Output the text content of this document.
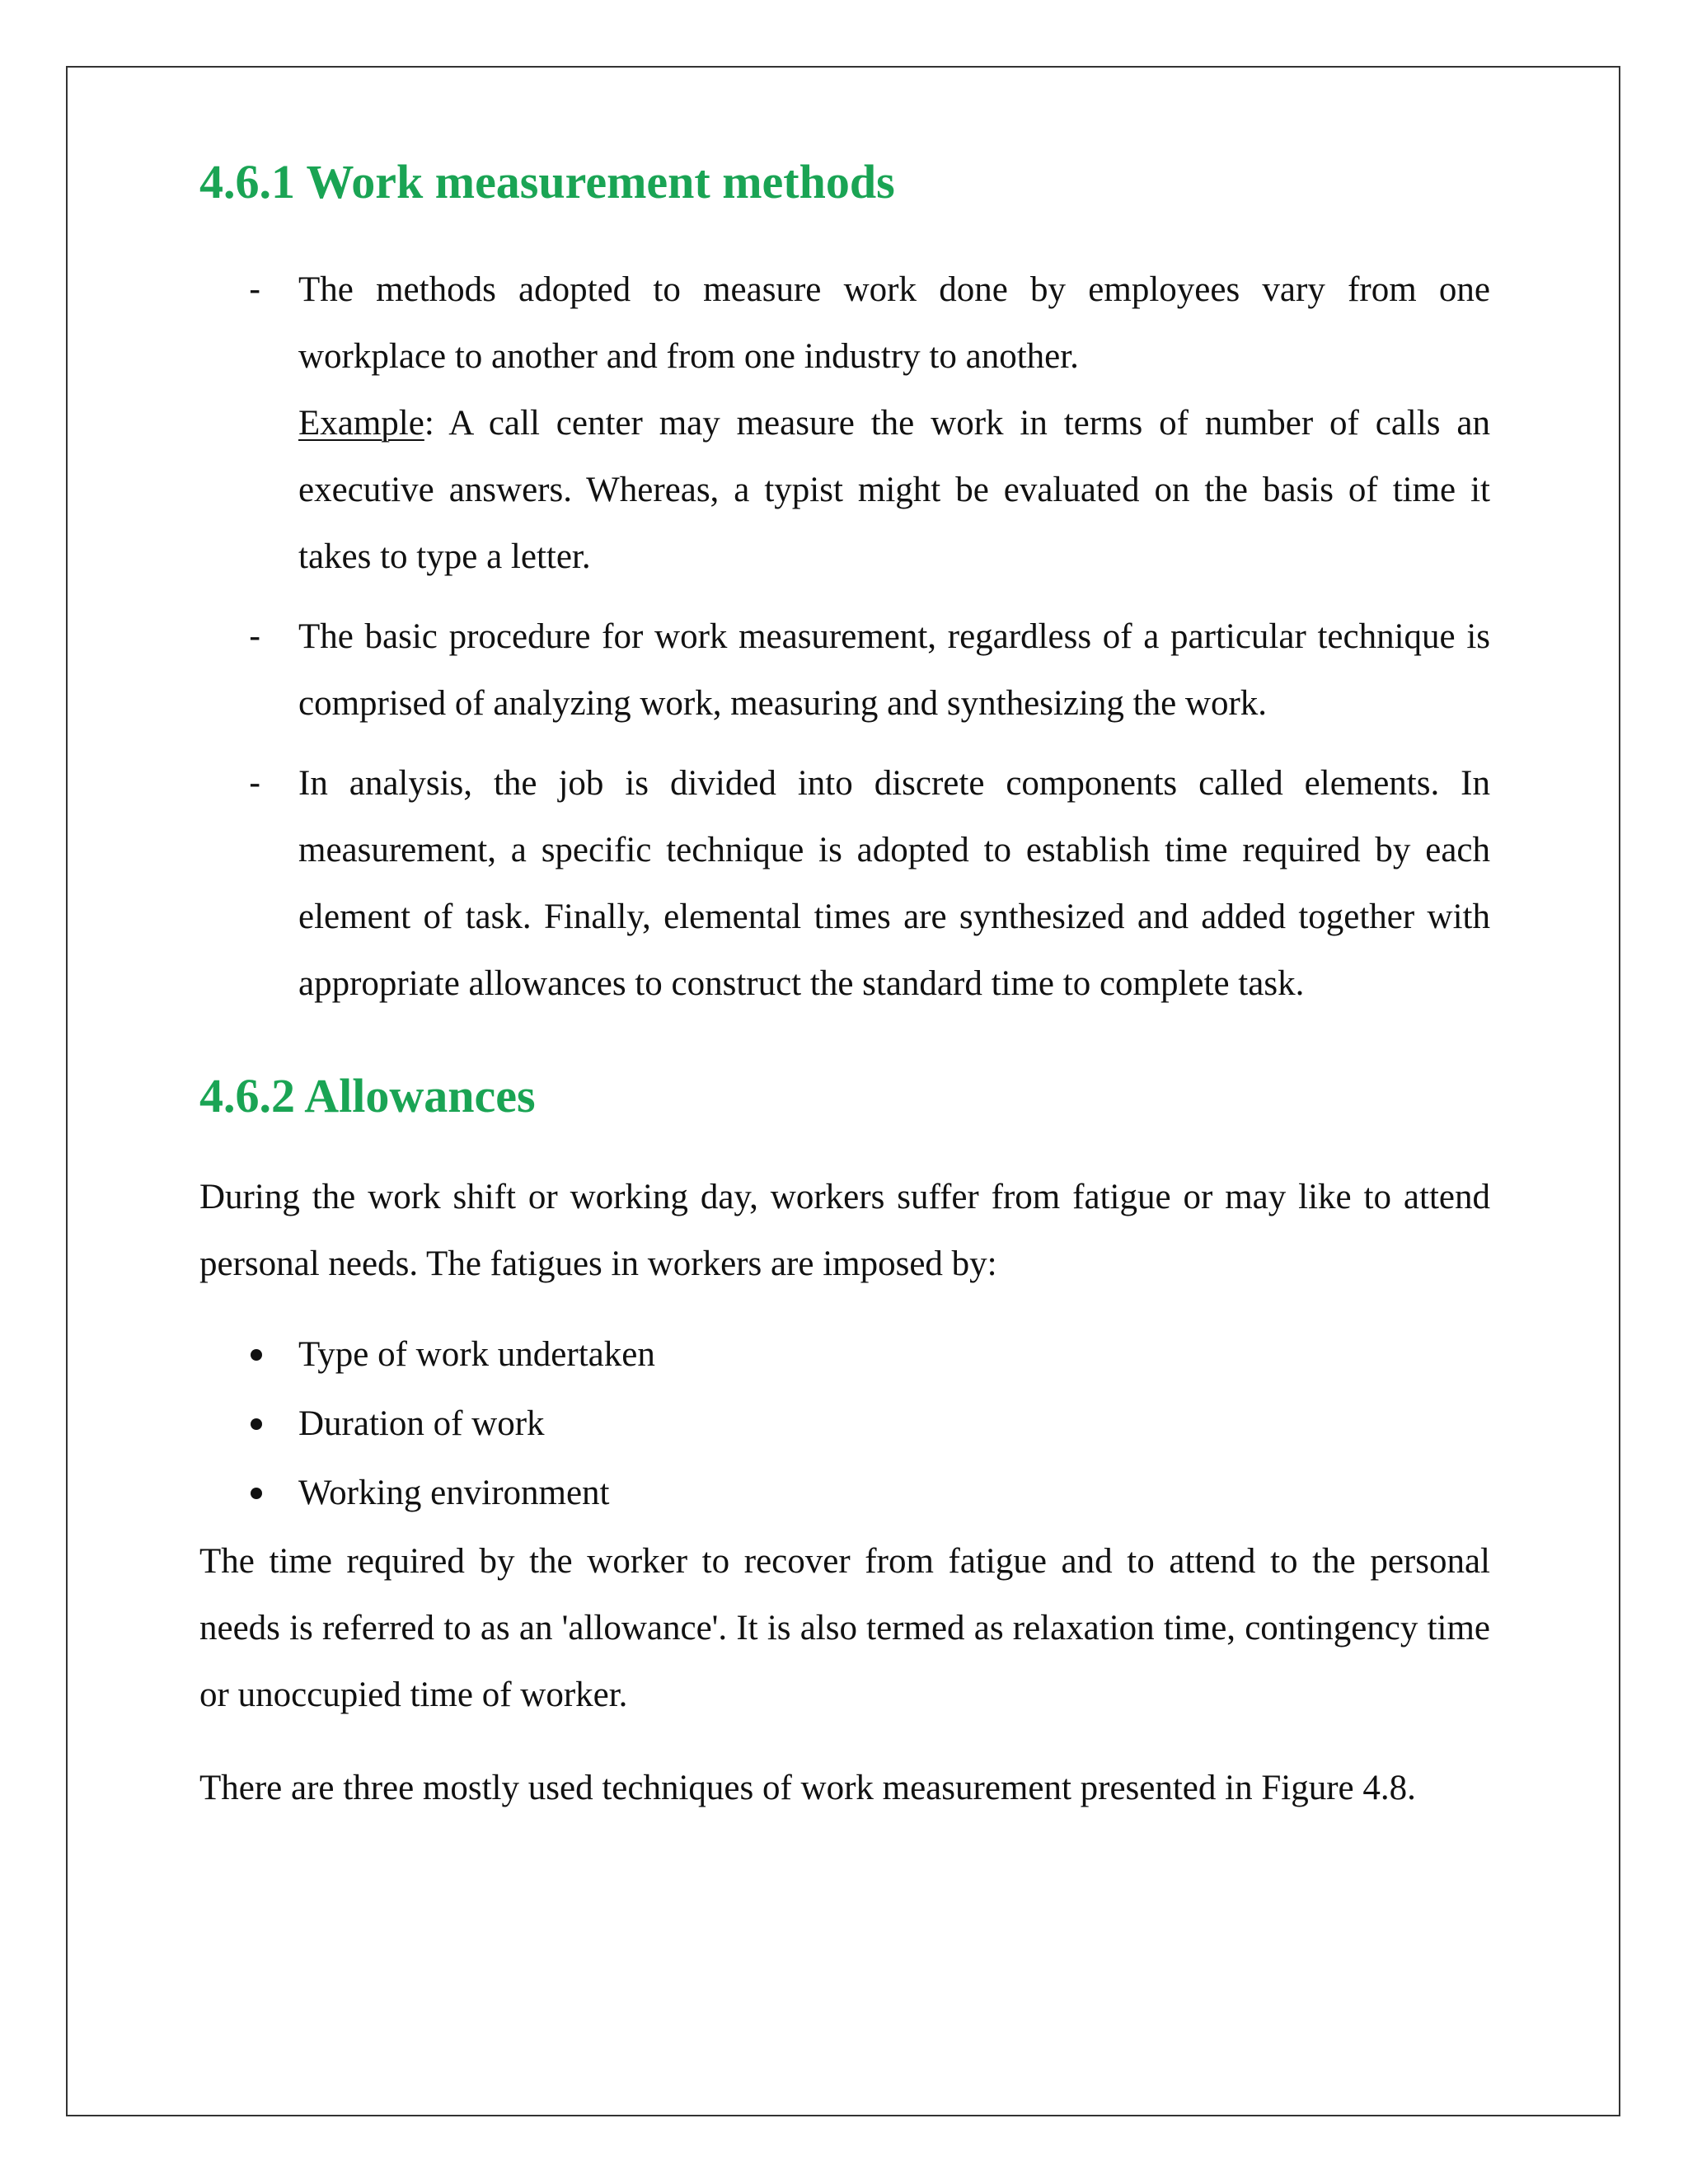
4.6.1 Work measurement methods
- The methods adopted to measure work done by employees vary from one workplace to another and from one industry to another.

Example: A call center may measure the work in terms of number of calls an executive answers. Whereas, a typist might be evaluated on the basis of time it takes to type a letter.

- The basic procedure for work measurement, regardless of a particular technique is comprised of analyzing work, measuring and synthesizing the work.

- In analysis, the job is divided into discrete components called elements. In measurement, a specific technique is adopted to establish time required by each element of task. Finally, elemental times are synthesized and added together with appropriate allowances to construct the standard time to complete task.

4.6.2 Allowances

During the work shift or working day, workers suffer from fatigue or may like to attend personal needs. The fatigues in workers are imposed by:

Type of work undertaken
Duration of work
Working environment

The time required by the worker to recover from fatigue and to attend to the personal needs is referred to as an 'allowance'. It is also termed as relaxation time, contingency time or unoccupied time of worker.

There are three mostly used techniques of work measurement presented in Figure 4.8.
